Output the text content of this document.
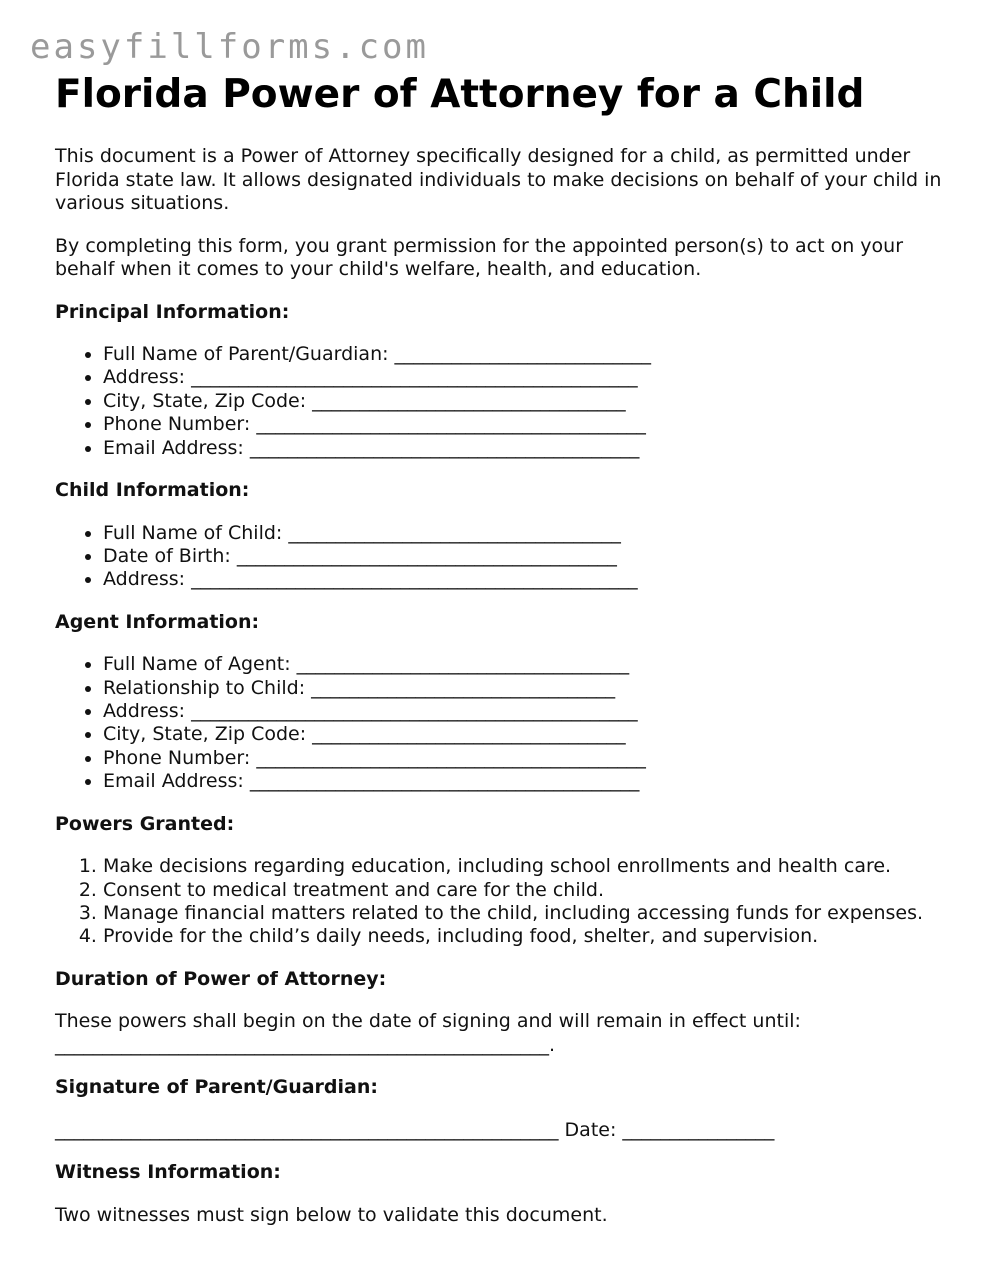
easyfillforms.com
Florida Power of Attorney for a Child

This document is a Power of Attorney specifically designed for a child, as permitted under Florida state law. It allows designated individuals to make decisions on behalf of your child in various situations.

By completing this form, you grant permission for the appointed person(s) to act on your behalf when it comes to your child's welfare, health, and education.

Principal Information:
• Full Name of Parent/Guardian: ___________________________
• Address: _______________________________________________
• City, State, Zip Code: _________________________________
• Phone Number: _________________________________________
• Email Address: _________________________________________
Child Information:
• Full Name of Child: ___________________________________
• Date of Birth: ________________________________________
• Address: _______________________________________________
Agent Information:
• Full Name of Agent: ___________________________________
• Relationship to Child: ________________________________
• Address: _______________________________________________
• City, State, Zip Code: _________________________________
• Phone Number: _________________________________________
• Email Address: _________________________________________
Powers Granted:
1. Make decisions regarding education, including school enrollments and health care.
2. Consent to medical treatment and care for the child.
3. Manage financial matters related to the child, including accessing funds for expenses.
4. Provide for the child’s daily needs, including food, shelter, and supervision.
Duration of Power of Attorney:

These powers shall begin on the date of signing and will remain in effect until: ____________________________________________________.

Signature of Parent/Guardian:

_____________________________________________________ Date: ________________

Witness Information:

Two witnesses must sign below to validate this document.
